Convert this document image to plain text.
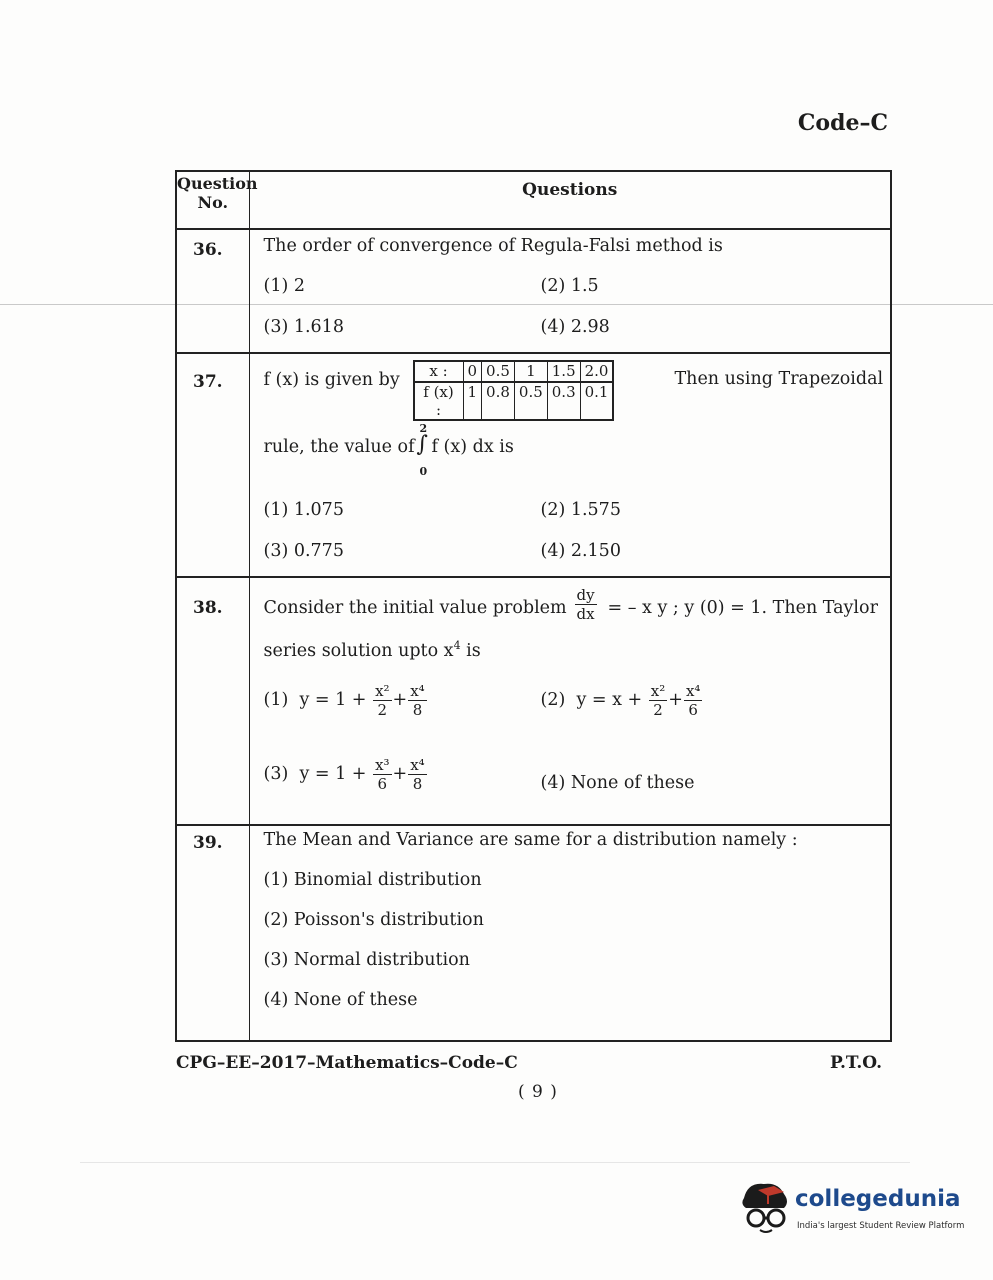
Code–C
Question No.

Questions

36.	The order of convergence of Regula-Falsi method is
(1) 2	(2) 1.5
(3) 1.618	(4) 2.98

37.	f (x) is given by x :	0	0.5	1	1.5	2.0
f (x) :	1	0.8	0.5	0.3	0.1
Then using Trapezoidal
rule, the value of
2
∫
0
f (x) dx is
(1) 1.075	(2) 1.575
(3) 0.775	(4) 2.150

38.	Consider the initial value problem $\frac{dy}{dx}$ = – x y ; y (0) = 1. Then Taylor
series solution upto $x^4$ is
(1) $y = 1 + \frac{\text{x²}}{2} + \frac{\text{x⁴}}{8}$	(2) $y = x + \frac{\text{x²}}{2} + \frac{\text{x⁴}}{6}$
(3) $y = 1 + \frac{\text{x³}}{6} + \frac{\text{x⁴}}{8}$	(4) None of these

39.	The Mean and Variance are same for a distribution namely :
(1) Binomial distribution
(2) Poisson's distribution
(3) Normal distribution
(4) None of these
CPG–EE–2017–Mathematics–Code–C	P.T.O.
( 9 )
collegedunia
India's largest Student Review Platform
